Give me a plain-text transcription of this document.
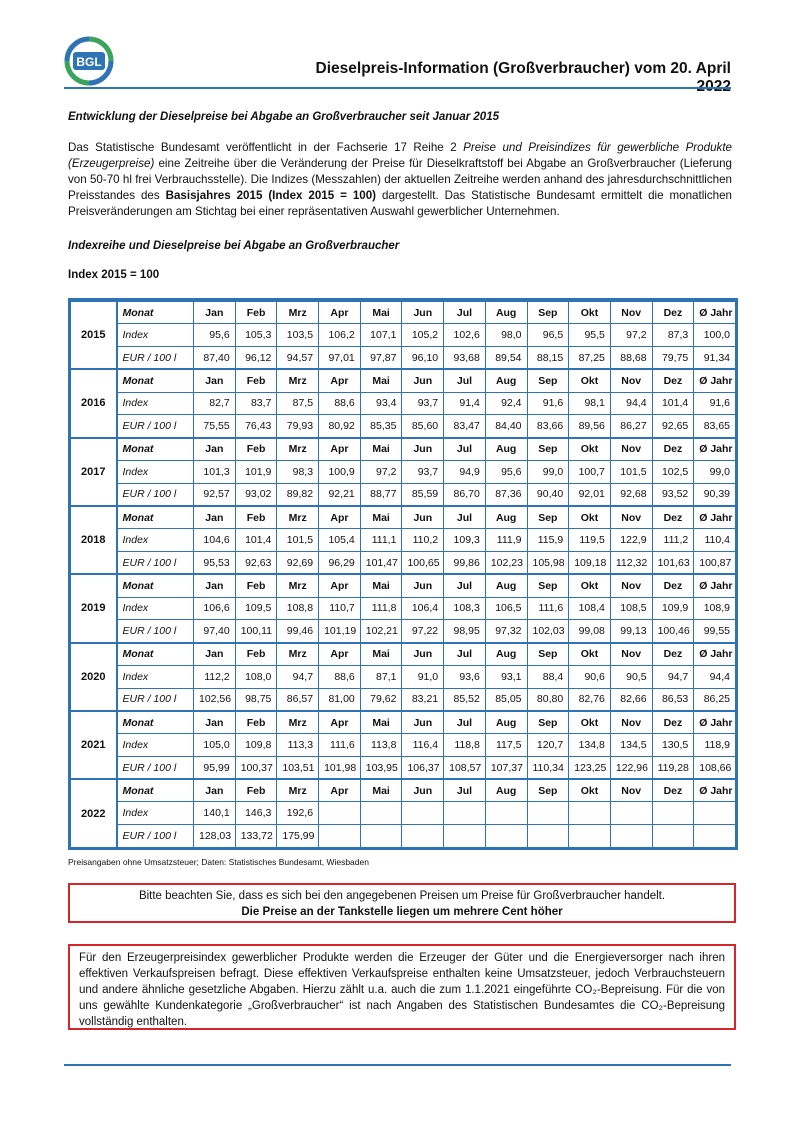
BGL	Dieselpreis-Information (Großverbraucher) vom 20. April 2022
Entwicklung der Dieselpreise bei Abgabe an Großverbraucher seit Januar 2015

Das Statistische Bundesamt veröffentlicht in der Fachserie 17 Reihe 2 Preise und Preisindizes für gewerbliche Produkte (Erzeugerpreise) eine Zeitreihe über die Veränderung der Preise für Dieselkraftstoff bei Abgabe an Großverbraucher (Lieferung von 50-70 hl frei Verbrauchsstelle). Die Indizes (Messzahlen) der aktuellen Zeitreihe werden anhand des jahresdurchschnittlichen Preisstandes des Basisjahres 2015 (Index 2015 = 100) dargestellt. Das Statistische Bundesamt ermittelt die monatlichen Preisveränderungen am Stichtag bei einer repräsentativen Auswahl gewerblicher Unternehmen.

Indexreihe und Dieselpreise bei Abgabe an Großverbraucher
Index 2015 = 100
2015	Monat	Jan	Feb	Mrz	Apr	Mai	Jun	Jul	Aug	Sep	Okt	Nov	Dez	Ø Jahr
	Index	95,6	105,3	103,5	106,2	107,1	105,2	102,6	98,0	96,5	95,5	97,2	87,3	100,0
	EUR / 100 l	87,40	96,12	94,57	97,01	97,87	96,10	93,68	89,54	88,15	87,25	88,68	79,75	91,34
2016	Monat	Jan	Feb	Mrz	Apr	Mai	Jun	Jul	Aug	Sep	Okt	Nov	Dez	Ø Jahr
	Index	82,7	83,7	87,5	88,6	93,4	93,7	91,4	92,4	91,6	98,1	94,4	101,4	91,6
	EUR / 100 l	75,55	76,43	79,93	80,92	85,35	85,60	83,47	84,40	83,66	89,56	86,27	92,65	83,65
2017	Monat	Jan	Feb	Mrz	Apr	Mai	Jun	Jul	Aug	Sep	Okt	Nov	Dez	Ø Jahr
	Index	101,3	101,9	98,3	100,9	97,2	93,7	94,9	95,6	99,0	100,7	101,5	102,5	99,0
	EUR / 100 l	92,57	93,02	89,82	92,21	88,77	85,59	86,70	87,36	90,40	92,01	92,68	93,52	90,39
2018	Monat	Jan	Feb	Mrz	Apr	Mai	Jun	Jul	Aug	Sep	Okt	Nov	Dez	Ø Jahr
	Index	104,6	101,4	101,5	105,4	111,1	110,2	109,3	111,9	115,9	119,5	122,9	111,2	110,4
	EUR / 100 l	95,53	92,63	92,69	96,29	101,47	100,65	99,86	102,23	105,98	109,18	112,32	101,63	100,87
2019	Monat	Jan	Feb	Mrz	Apr	Mai	Jun	Jul	Aug	Sep	Okt	Nov	Dez	Ø Jahr
	Index	106,6	109,5	108,8	110,7	111,8	106,4	108,3	106,5	111,6	108,4	108,5	109,9	108,9
	EUR / 100 l	97,40	100,11	99,46	101,19	102,21	97,22	98,95	97,32	102,03	99,08	99,13	100,46	99,55
2020	Monat	Jan	Feb	Mrz	Apr	Mai	Jun	Jul	Aug	Sep	Okt	Nov	Dez	Ø Jahr
	Index	112,2	108,0	94,7	88,6	87,1	91,0	93,6	93,1	88,4	90,6	90,5	94,7	94,4
	EUR / 100 l	102,56	98,75	86,57	81,00	79,62	83,21	85,52	85,05	80,80	82,76	82,66	86,53	86,25
2021	Monat	Jan	Feb	Mrz	Apr	Mai	Jun	Jul	Aug	Sep	Okt	Nov	Dez	Ø Jahr
	Index	105,0	109,8	113,3	111,6	113,8	116,4	118,8	117,5	120,7	134,8	134,5	130,5	118,9
	EUR / 100 l	95,99	100,37	103,51	101,98	103,95	106,37	108,57	107,37	110,34	123,25	122,96	119,28	108,66
2022	Monat	Jan	Feb	Mrz	Apr	Mai	Jun	Jul	Aug	Sep	Okt	Nov	Dez	Ø Jahr
	Index	140,1	146,3	192,6										
	EUR / 100 l	128,03	133,72	175,99										
Preisangaben ohne Umsatzsteuer; Daten: Statistisches Bundesamt, Wiesbaden
Bitte beachten Sie, dass es sich bei den angegebenen Preisen um Preise für Großverbraucher handelt.
Die Preise an der Tankstelle liegen um mehrere Cent höher
Für den Erzeugerpreisindex gewerblicher Produkte werden die Erzeuger der Güter und die Energieversorger nach ihren effektiven Verkaufspreisen befragt. Diese effektiven Verkaufspreise enthalten keine Umsatzsteuer, jedoch Verbrauchsteuern und andere ähnliche gesetzliche Abgaben. Hierzu zählt u.a. auch die zum 1.1.2021 eingeführte CO₂-Bepreisung. Für die von uns gewählte Kundenkategorie „Großverbraucher“ ist nach Angaben des Statistischen Bundesamtes die CO₂-Bepreisung vollständig enthalten.
